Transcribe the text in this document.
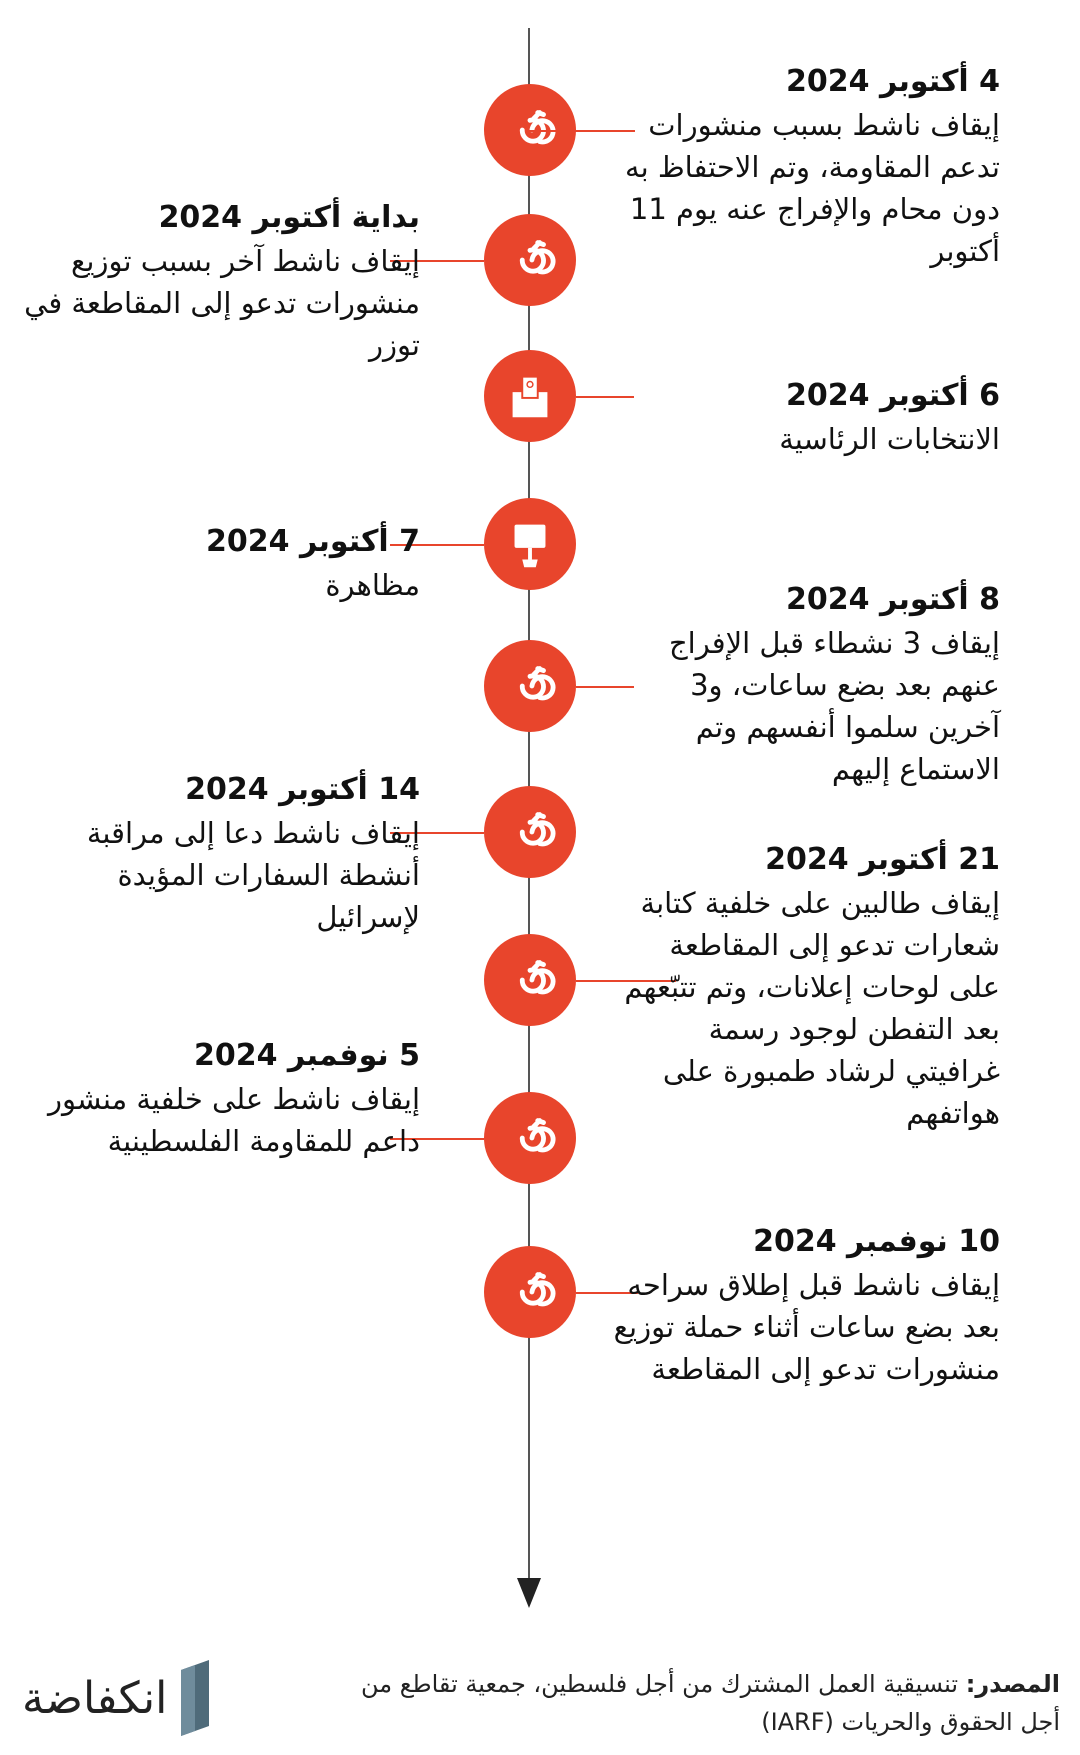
4 أكتوبر 2024

إيقاف ناشط بسبب منشورات تدعم المقاومة، وتم الاحتفاظ به دون محام والإفراج عنه يوم 11 أكتوبر

بداية أكتوبر 2024

إيقاف ناشط آخر بسبب توزيع منشورات تدعو إلى المقاطعة في توزر

6 أكتوبر 2024

الانتخابات الرئاسية

7 أكتوبر 2024

مظاهرة	8 أكتوبر 2024

إيقاف 3 نشطاء قبل الإفراج عنهم بعد بضع ساعات، و3 آخرين سلموا أنفسهم وتم الاستماع إليهم

14 أكتوبر 2024

إيقاف ناشط دعا إلى مراقبة أنشطة السفارات المؤيدة لإسرائيل

21 أكتوبر 2024

إيقاف طالبين على خلفية كتابة شعارات تدعو إلى المقاطعة على لوحات إعلانات، وتم تتبّعهم بعد التفطن لوجود رسمة غرافيتي لرشاد طمبورة على هواتفهم

5 نوفمبر 2024

إيقاف ناشط على خلفية منشور داعم للمقاومة الفلسطينية

10 نوفمبر 2024

إيقاف ناشط قبل إطلاق سراحه بعد بضع ساعات أثناء حملة توزيع منشورات تدعو إلى المقاطعة

المصدر: تنسيقية العمل المشترك من أجل فلسطين، جمعية تقاطع من أجل الحقوق والحريات (IARF)
انكفاضة
